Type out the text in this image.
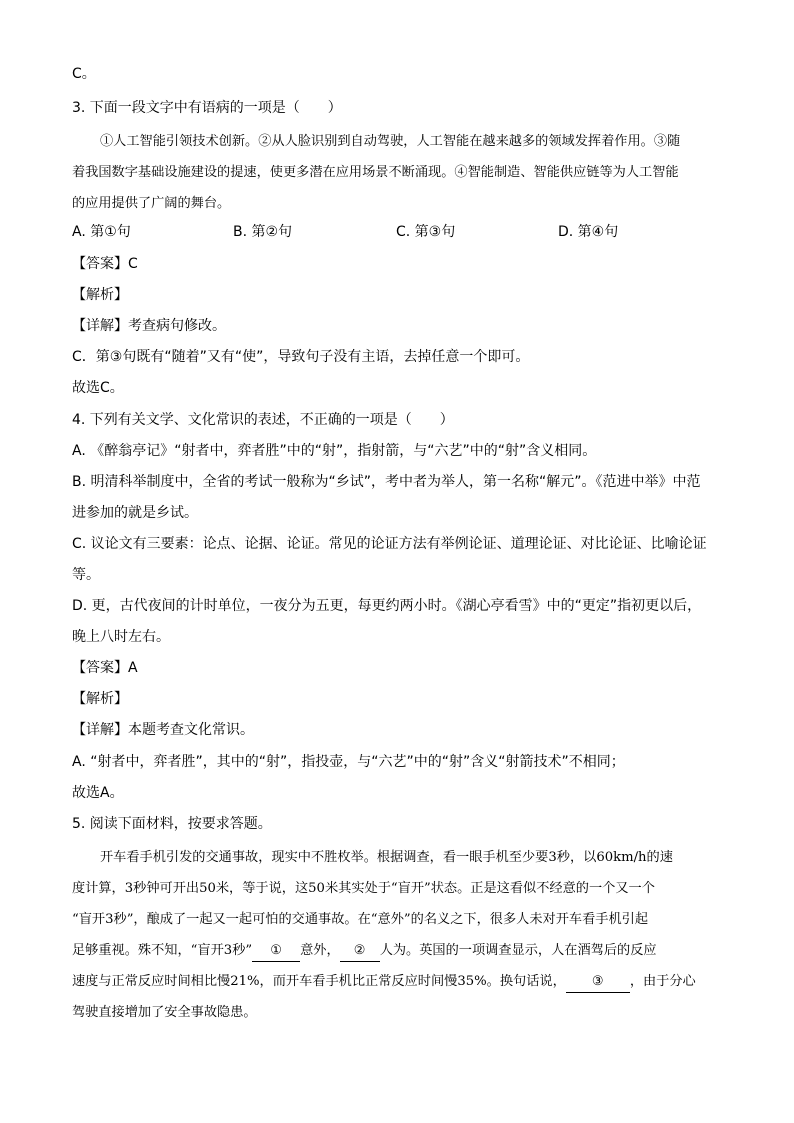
C。
3. 下面一段文字中有语病的一项是（　　）
①人工智能引领技术创新。②从人脸识别到自动驾驶，人工智能在越来越多的领域发挥着作用。③随
着我国数字基础设施建设的提速，使更多潜在应用场景不断涌现。④智能制造、智能供应链等为人工智能
的应用提供了广阔的舞台。
A. 第①句	B. 第②句	C. 第③句	D. 第④句
【答案】C
【解析】
【详解】考查病句修改。
C．第③句既有“随着”又有“使”，导致句子没有主语，去掉任意一个即可。
故选C。
4. 下列有关文学、文化常识的表述，不正确的一项是（　　）
A. 《醉翁亭记》“射者中，弈者胜”中的“射”，指射箭，与“六艺”中的“射”含义相同。
B. 明清科举制度中，全省的考试一般称为“乡试”，考中者为举人，第一名称“解元”。《范进中举》中范
进参加的就是乡试。
C. 议论文有三要素：论点、论据、论证。常见的论证方法有举例论证、道理论证、对比论证、比喻论证
等。
D. 更，古代夜间的计时单位，一夜分为五更，每更约两小时。《湖心亭看雪》中的“更定”指初更以后，
晚上八时左右。
【答案】A
【解析】
【详解】本题考查文化常识。
A. “射者中，弈者胜”，其中的“射”，指投壶，与“六艺”中的“射”含义“射箭技术”不相同；
故选A。
5. 阅读下面材料，按要求答题。
开车看手机引发的交通事故，现实中不胜枚举。根据调查，看一眼手机至少要3秒，以60km/h的速
度计算，3秒钟可开出50米，等于说，这50米其实处于“盲开”状态。正是这看似不经意的一个又一个
“盲开3秒”，酿成了一起又一起可怕的交通事故。在“意外”的名义之下，很多人未对开车看手机引起
足够重视。殊不知，“盲开3秒” ① 意外， ② 人为。英国的一项调查显示，人在酒驾后的反应
速度与正常反应时间相比慢21%，而开车看手机比正常反应时间慢35%。换句话说， ③ ，由于分心
驾驶直接增加了安全事故隐患。
